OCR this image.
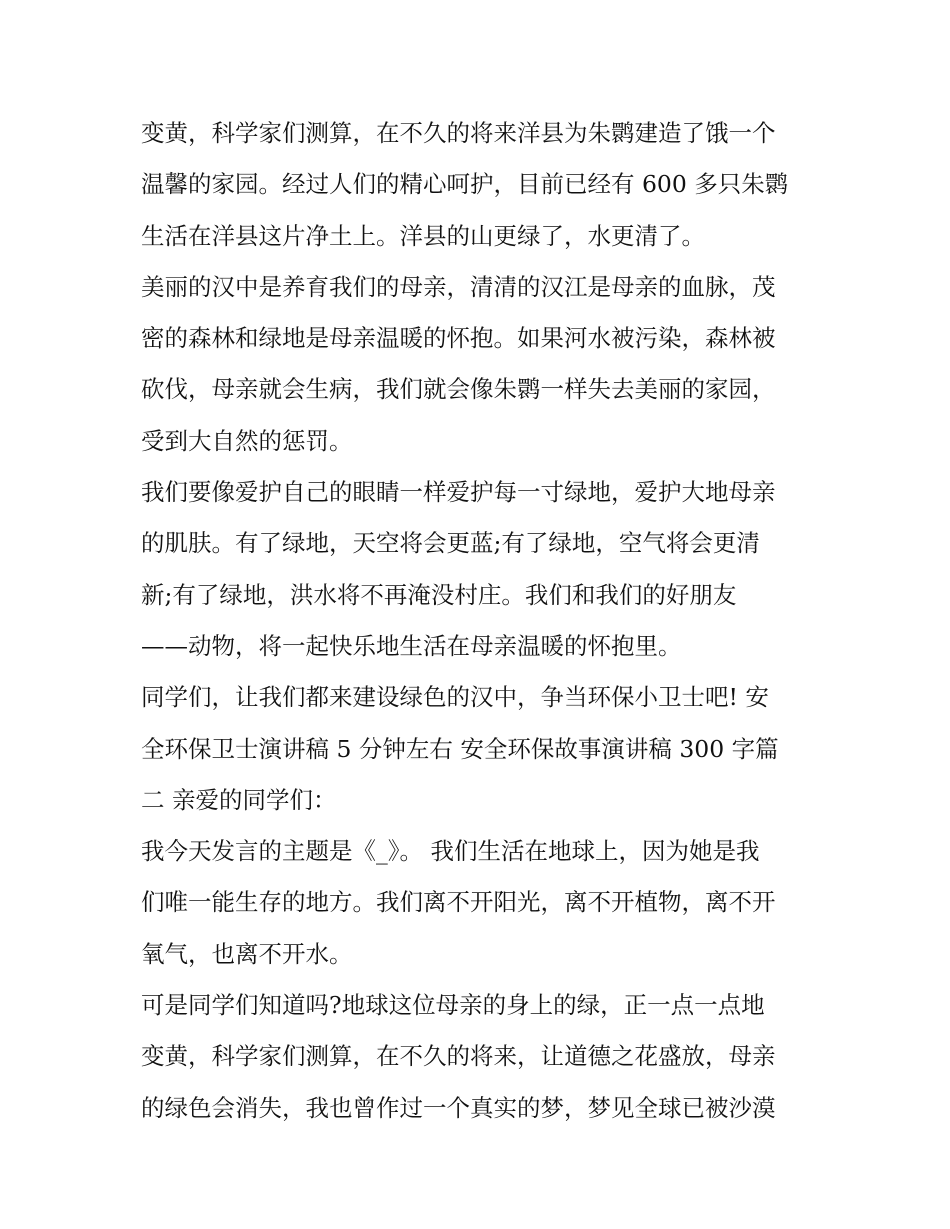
变黄，科学家们测算，在不久的将来洋县为朱鹮建造了饿一个
温馨的家园。经过人们的精心呵护，目前已经有 600 多只朱鹮
生活在洋县这片净土上。洋县的山更绿了，水更清了。
美丽的汉中是养育我们的母亲，清清的汉江是母亲的血脉，茂
密的森林和绿地是母亲温暖的怀抱。如果河水被污染，森林被
砍伐，母亲就会生病，我们就会像朱鹮一样失去美丽的家园，
受到大自然的惩罚。
我们要像爱护自己的眼睛一样爱护每一寸绿地，爱护大地母亲
的肌肤。有了绿地，天空将会更蓝;有了绿地，空气将会更清
新;有了绿地，洪水将不再淹没村庄。我们和我们的好朋友
——动物，将一起快乐地生活在母亲温暖的怀抱里。
同学们，让我们都来建设绿色的汉中，争当环保小卫士吧! 安
全环保卫士演讲稿 5 分钟左右 安全环保故事演讲稿 300 字篇
二 亲爱的同学们：
我今天发言的主题是《_》。 我们生活在地球上，因为她是我
们唯一能生存的地方。我们离不开阳光，离不开植物，离不开
氧气，也离不开水。
可是同学们知道吗?地球这位母亲的身上的绿，正一点一点地
变黄，科学家们测算，在不久的将来，让道德之花盛放，母亲
的绿色会消失，我也曾作过一个真实的梦，梦见全球已被沙漠
